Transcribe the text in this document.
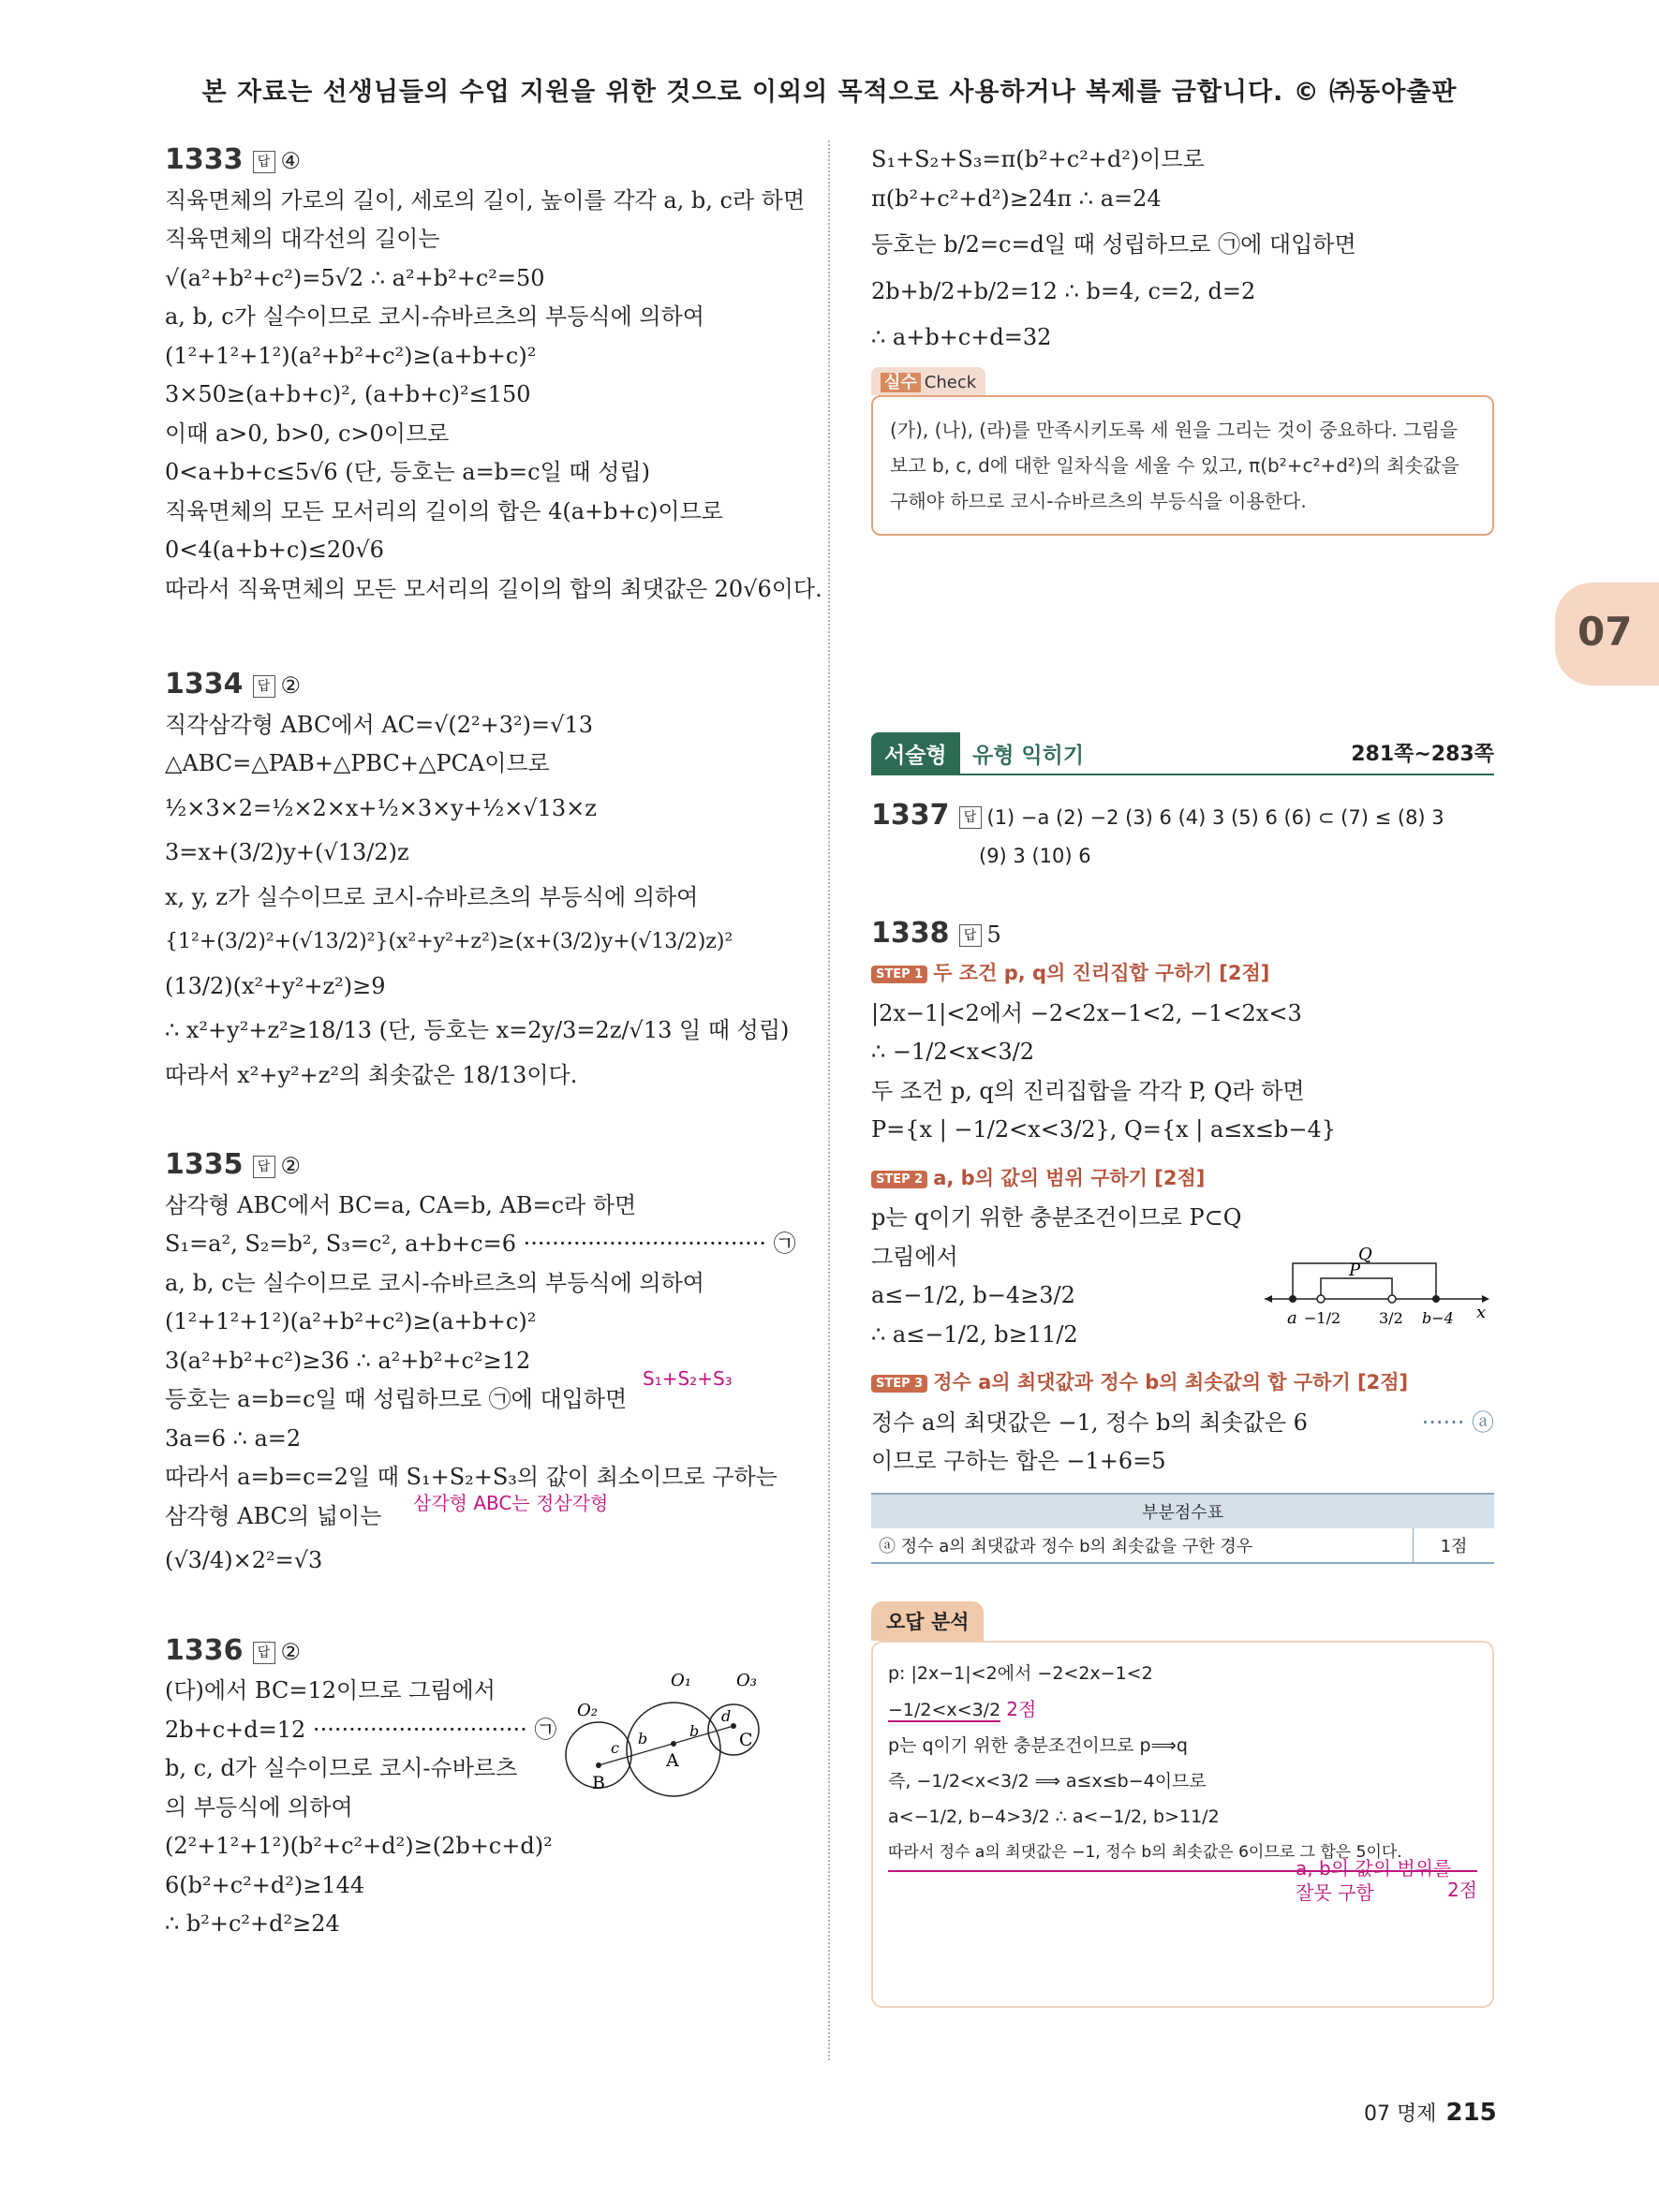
본 자료는 선생님들의 수업 지원을 위한 것으로 이외의 목적으로 사용하거나 복제를 금합니다. © ㈜동아출판
07
1333 답 ④
직육면체의 가로의 길이, 세로의 길이, 높이를 각각 a, b, c라 하면
직육면체의 대각선의 길이는
√(a²+b²+c²)=5√2 ∴ a²+b²+c²=50
a, b, c가 실수이므로 코시-슈바르츠의 부등식에 의하여
(1²+1²+1²)(a²+b²+c²)≥(a+b+c)²
3×50≥(a+b+c)², (a+b+c)²≤150
이때 a>0, b>0, c>0이므로
0<a+b+c≤5√6 (단, 등호는 a=b=c일 때 성립)
직육면체의 모든 모서리의 길이의 합은 4(a+b+c)이므로
0<4(a+b+c)≤20√6
따라서 직육면체의 모든 모서리의 길이의 합의 최댓값은 20√6이다.
1334 답 ②
직각삼각형 ABC에서 AC=√(2²+3²)=√13
△ABC=△PAB+△PBC+△PCA이므로
½×3×2=½×2×x+½×3×y+½×√13×z
3=x+(3/2)y+(√13/2)z
x, y, z가 실수이므로 코시-슈바르츠의 부등식에 의하여
{1²+(3/2)²+(√13/2)²}(x²+y²+z²)≥(x+(3/2)y+(√13/2)z)²
(13/2)(x²+y²+z²)≥9
∴ x²+y²+z²≥18/13 (단, 등호는 x=2y/3=2z/√13 일 때 성립)
따라서 x²+y²+z²의 최솟값은 18/13이다.
1335 답 ②
삼각형 ABC에서 BC=a, CA=b, AB=c라 하면
S₁=a², S₂=b², S₃=c², a+b+c=6 ·································· ㉠
a, b, c는 실수이므로 코시-슈바르츠의 부등식에 의하여
(1²+1²+1²)(a²+b²+c²)≥(a+b+c)²
3(a²+b²+c²)≥36 ∴ a²+b²+c²≥12
등호는 a=b=c일 때 성립하므로 ㉠에 대입하면
S₁+S₂+S₃
3a=6 ∴ a=2
따라서 a=b=c=2일 때 S₁+S₂+S₃의 값이 최소이므로 구하는
삼각형 ABC의 넓이는 삼각형 ABC는 정삼각형
(√3/4)×2²=√3
1336 답 ②
(다)에서 BC=12이므로 그림에서
2b+c+d=12 ······························ ㉠
b, c, d가 실수이므로 코시-슈바르츠
의 부등식에 의하여
(2²+1²+1²)(b²+c²+d²)≥(2b+c+d)²
6(b²+c²+d²)≥144
∴ b²+c²+d²≥24
O₁
O₂
O₃
B
A
C
c
b	b
d
S₁+S₂+S₃=π(b²+c²+d²)이므로
π(b²+c²+d²)≥24π ∴ a=24
등호는 b/2=c=d일 때 성립하므로 ㉠에 대입하면
2b+b/2+b/2=12 ∴ b=4, c=2, d=2
∴ a+b+c+d=32
실수 Check
(가), (나), (라)를 만족시키도록 세 원을 그리는 것이 중요하다. 그림을 보고 b, c, d에 대한 일차식을 세울 수 있고, π(b²+c²+d²)의 최솟값을 구해야 하므로 코시-슈바르츠의 부등식을 이용한다.
서술형	유형 익히기	281쪽~283쪽
1337 답 (1) −a (2) −2 (3) 6 (4) 3 (5) 6 (6) ⊂ (7) ≤ (8) 3
(9) 3 (10) 6
1338 답 5
STEP 1 두 조건 p, q의 진리집합 구하기 [2점]
|2x−1|<2에서 −2<2x−1<2, −1<2x<3
∴ −1/2<x<3/2
두 조건 p, q의 진리집합을 각각 P, Q라 하면
P={x | −1/2<x<3/2}, Q={x | a≤x≤b−4}
STEP 2 a, b의 값의 범위 구하기 [2점]
p는 q이기 위한 충분조건이므로 P⊂Q
그림에서
a≤−1/2, b−4≥3/2
∴ a≤−1/2, b≥11/2
Q
P
a −1/2	3/2 b−4 x
STEP 3 정수 a의 최댓값과 정수 b의 최솟값의 합 구하기 [2점]
정수 a의 최댓값은 −1, 정수 b의 최솟값은 6	······ ⓐ
이므로 구하는 합은 −1+6=5
부분점수표
ⓐ 정수 a의 최댓값과 정수 b의 최솟값을 구한 경우	1점
오답 분석
p: |2x−1|<2에서 −2<2x−1<2
−1/2<x<3/2 2점
p는 q이기 위한 충분조건이므로 p⟹q
즉, −1/2<x<3/2 ⟹ a≤x≤b−4이므로
a<−1/2, b−4>3/2 ∴ a<−1/2, b>11/2
따라서 정수 a의 최댓값은 −1, 정수 b의 최솟값은 6이므로 그 합은 5이다.
2점
a, b의 값의 범위를 잘못 구함
07 명제 215
